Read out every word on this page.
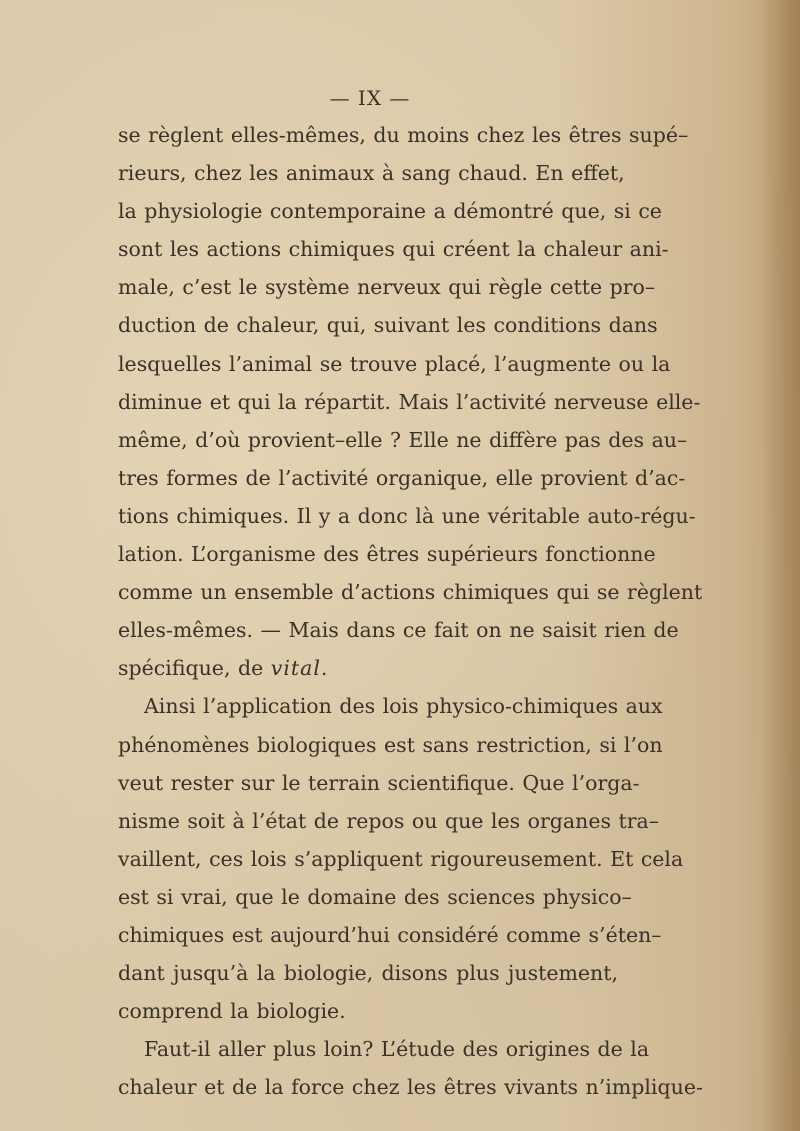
— IX —
se règlent elles-mêmes, du moins chez les êtres supé–
rieurs, chez les animaux à sang chaud. En effet,
la physiologie contemporaine a démontré que, si ce
sont les actions chimiques qui créent la chaleur ani-
male, c’est le système nerveux qui règle cette pro–
duction de chaleur, qui, suivant les conditions dans
lesquelles l’animal se trouve placé, l’augmente ou la
diminue et qui la répartit. Mais l’activité nerveuse elle-
même, d’où provient–elle ? Elle ne diffère pas des au–
tres formes de l’activité organique, elle provient d’ac-
tions chimiques. Il y a donc là une véritable auto-régu-
lation. L’organisme des êtres supérieurs fonctionne
comme un ensemble d’actions chimiques qui se règlent
elles-mêmes. — Mais dans ce fait on ne saisit rien de
spécifique, de vital.
Ainsi l’application des lois physico-chimiques aux
phénomènes biologiques est sans restriction, si l’on
veut rester sur le terrain scientifique. Que l’orga-
nisme soit à l’état de repos ou que les organes tra–
vaillent, ces lois s’appliquent rigoureusement. Et cela
est si vrai, que le domaine des sciences physico–
chimiques est aujourd’hui considéré comme s’éten–
dant jusqu’à la biologie, disons plus justement,
comprend la biologie.
Faut-il aller plus loin? L’étude des origines de la
chaleur et de la force chez les êtres vivants n’implique-
